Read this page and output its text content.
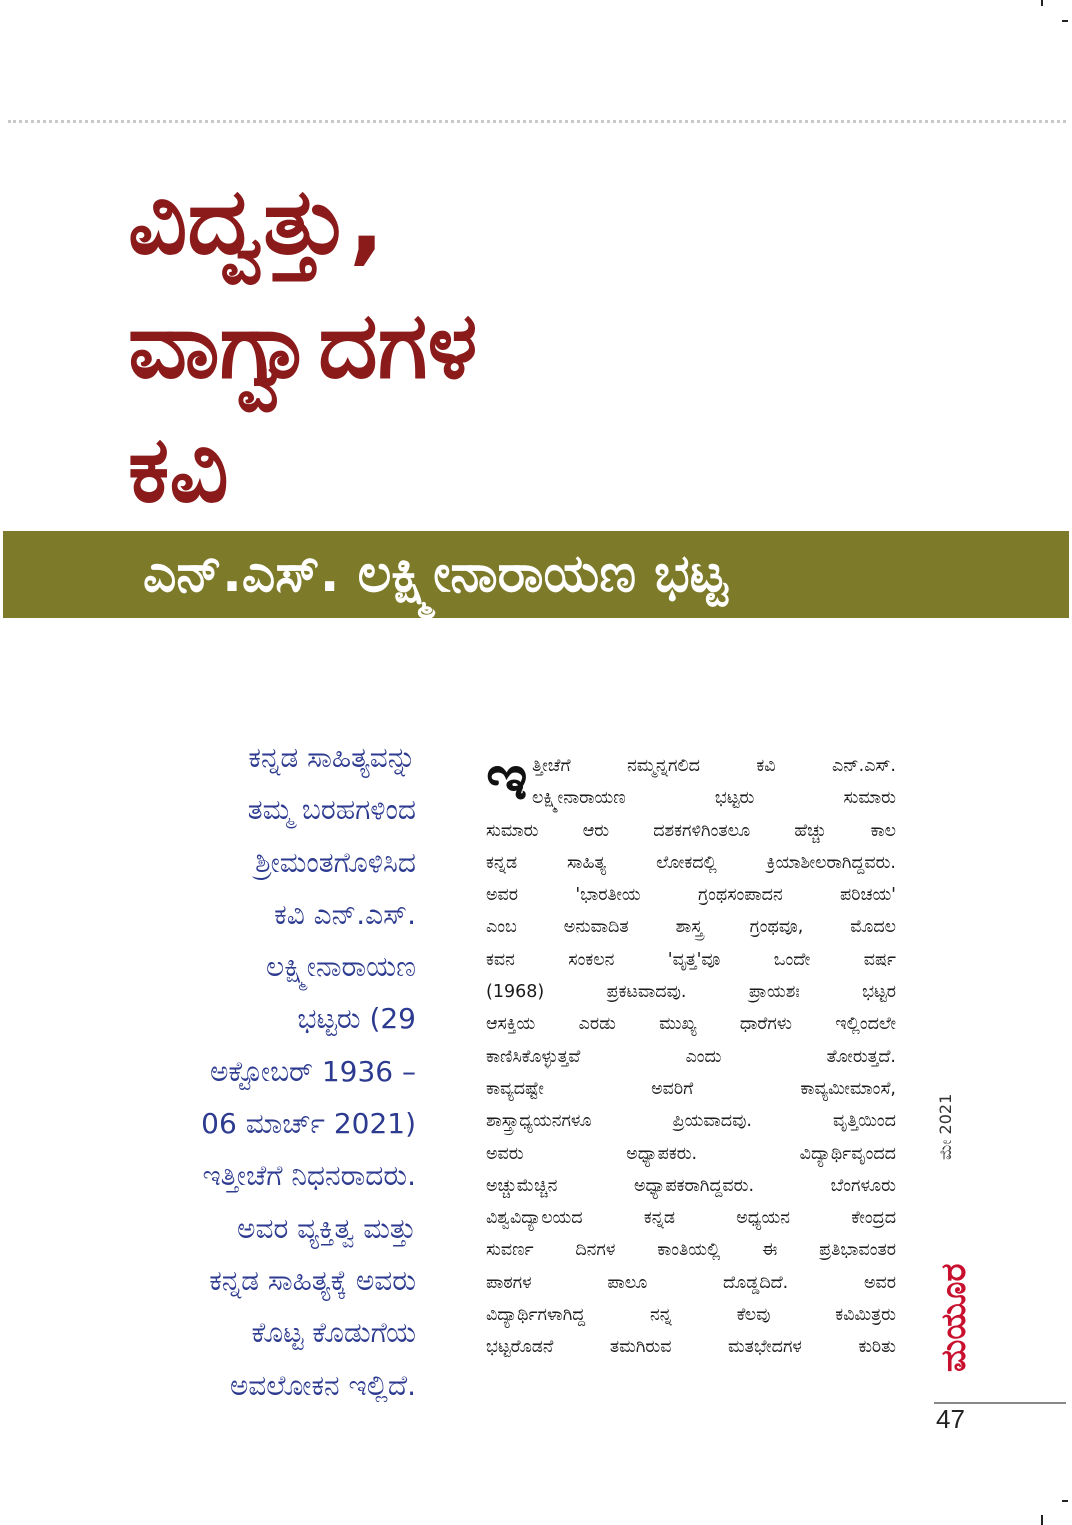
ವಿದ್ವತ್ತು,
ವಾಗ್ವಾದಗಳ
ಕವಿ
ಎನ್.ಎಸ್. ಲಕ್ಷ್ಮೀನಾರಾಯಣ ಭಟ್ಟ
ಕನ್ನಡ ಸಾಹಿತ್ಯವನ್ನು
ತಮ್ಮ ಬರಹಗಳಿಂದ
ಶ್ರೀಮಂತಗೊಳಿಸಿದ
ಕವಿ ಎನ್.ಎಸ್.
ಲಕ್ಷ್ಮೀನಾರಾಯಣ
ಭಟ್ಟರು (29
ಅಕ್ಟೋಬರ್ 1936 –
06 ಮಾರ್ಚ್ 2021)
ಇತ್ತೀಚೆಗೆ ನಿಧನರಾದರು.
ಅವರ ವ್ಯಕ್ತಿತ್ವ ಮತ್ತು
ಕನ್ನಡ ಸಾಹಿತ್ಯಕ್ಕೆ ಅವರು
ಕೊಟ್ಟ ಕೊಡುಗೆಯ
ಅವಲೋಕನ ಇಲ್ಲಿದೆ.
ಇ ತ್ತೀಚೆಗೆ ನಮ್ಮನ್ನಗಲಿದ ಕವಿ ಎನ್.ಎಸ್.
ಲಕ್ಷ್ಮೀನಾರಾಯಣ ಭಟ್ಟರು ಸುಮಾರು
ಸುಮಾರು ಆರು ದಶಕಗಳಿಗಿಂತಲೂ ಹೆಚ್ಚು ಕಾಲ
ಕನ್ನಡ ಸಾಹಿತ್ಯ ಲೋಕದಲ್ಲಿ ಕ್ರಿಯಾಶೀಲರಾಗಿದ್ದವರು.
ಅವರ 'ಭಾರತೀಯ ಗ್ರಂಥಸಂಪಾದನ ಪರಿಚಯ'
ಎಂಬ ಅನುವಾದಿತ ಶಾಸ್ತ್ರ ಗ್ರಂಥವೂ, ಮೊದಲ
ಕವನ ಸಂಕಲನ 'ವೃತ್ತ'ವೂ ಒಂದೇ ವರ್ಷ
(1968) ಪ್ರಕಟವಾದವು. ಪ್ರಾಯಶಃ ಭಟ್ಟರ
ಆಸಕ್ತಿಯ ಎರಡು ಮುಖ್ಯ ಧಾರೆಗಳು ಇಲ್ಲಿಂದಲೇ
ಕಾಣಿಸಿಕೊಳ್ಳುತ್ತವೆ ಎಂದು ತೋರುತ್ತದೆ.
ಕಾವ್ಯದಷ್ಟೇ ಅವರಿಗೆ ಕಾವ್ಯಮೀಮಾಂಸೆ,
ಶಾಸ್ತ್ರಾಧ್ಯಯನಗಳೂ ಪ್ರಿಯವಾದವು. ವೃತ್ತಿಯಿಂದ
ಅವರು ಅಧ್ಯಾಪಕರು. ವಿದ್ಯಾರ್ಥಿವೃಂದದ
ಅಚ್ಚುಮೆಚ್ಚಿನ ಅಧ್ಯಾಪಕರಾಗಿದ್ದವರು. ಬೆಂಗಳೂರು
ವಿಶ್ವವಿದ್ಯಾಲಯದ ಕನ್ನಡ ಅಧ್ಯಯನ ಕೇಂದ್ರದ
ಸುವರ್ಣ ದಿನಗಳ ಕಾಂತಿಯಲ್ಲಿ ಈ ಪ್ರತಿಭಾವಂತರ
ಪಾಠಗಳ ಪಾಲೂ ದೊಡ್ಡದಿದೆ. ಅವರ
ವಿದ್ಯಾರ್ಥಿಗಳಾಗಿದ್ದ ನನ್ನ ಕೆಲವು ಕವಿಮಿತ್ರರು
ಭಟ್ಟರೊಡನೆ ತಮಗಿರುವ ಮತಭೇದಗಳ ಕುರಿತು
ಮೇ 2021
ಮಯೂರ
47
